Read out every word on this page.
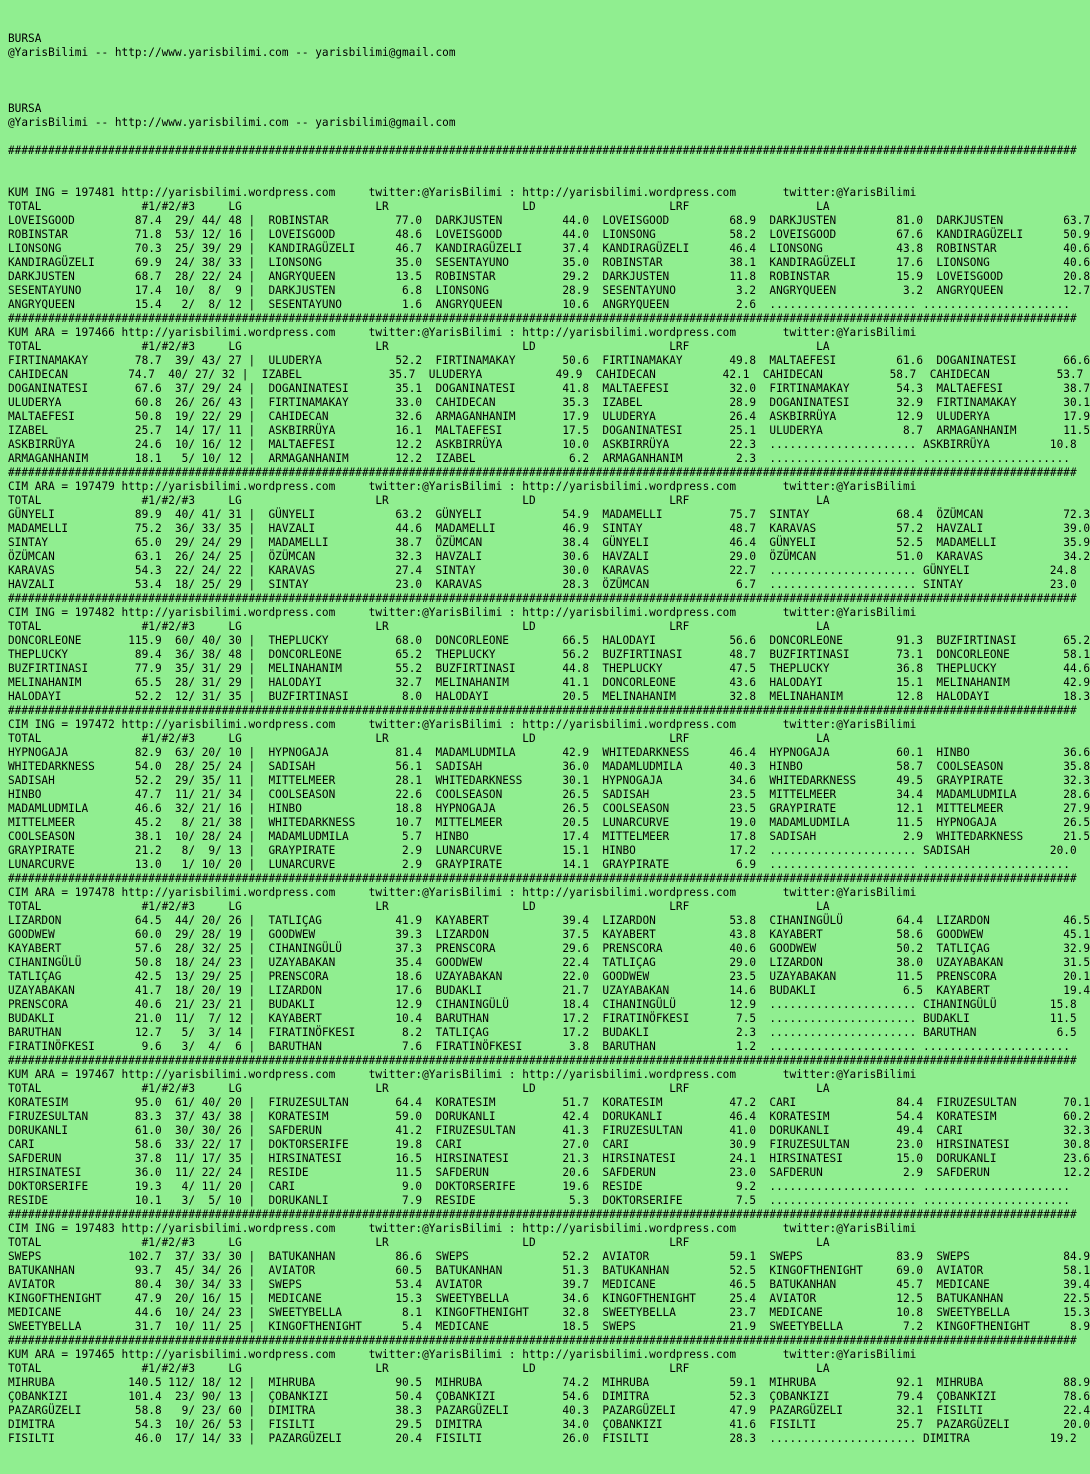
BURSA
@YarisBilimi -- http://www.yarisbilimi.com -- yarisbilimi@gmail.com
BURSA
@YarisBilimi -- http://www.yarisbilimi.com -- yarisbilimi@gmail.com
################################################################################################################################################################

KUM ING = 197481 http://yarisbilimi.wordpress.com     twitter:@YarisBilimi : http://yarisbilimi.wordpress.com       twitter:@YarisBilimi
TOTAL               #1/#2/#3     LG                    LR                    LD                    LRF                   LA
LOVEISGOOD         87.4  29/ 44/ 48 |  ROBINSTAR          77.0  DARKJUSTEN         44.0  LOVEISGOOD         68.9  DARKJUSTEN         81.0  DARKJUSTEN         63.7
ROBINSTAR          71.8  53/ 12/ 16 |  LOVEISGOOD         48.6  LOVEISGOOD         44.0  LIONSONG           58.2  LOVEISGOOD         67.6  KANDIRAGÜZELI      50.9
LIONSONG           70.3  25/ 39/ 29 |  KANDIRAGÜZELI      46.7  KANDIRAGÜZELI      37.4  KANDIRAGÜZELI      46.4  LIONSONG           43.8  ROBINSTAR          40.6
KANDIRAGÜZELI      69.9  24/ 38/ 33 |  LIONSONG           35.0  SESENTAYUNO        35.0  ROBINSTAR          38.1  KANDIRAGÜZELI      17.6  LIONSONG           40.6
DARKJUSTEN         68.7  28/ 22/ 24 |  ANGRYQUEEN         13.5  ROBINSTAR          29.2  DARKJUSTEN         11.8  ROBINSTAR          15.9  LOVEISGOOD         20.8
SESENTAYUNO        17.4  10/  8/  9 |  DARKJUSTEN          6.8  LIONSONG           28.9  SESENTAYUNO         3.2  ANGRYQUEEN          3.2  ANGRYQUEEN         12.7
ANGRYQUEEN         15.4   2/  8/ 12 |  SESENTAYUNO         1.6  ANGRYQUEEN         10.6  ANGRYQUEEN          2.6  ...................... ......................
################################################################################################################################################################
KUM ARA = 197466 http://yarisbilimi.wordpress.com     twitter:@YarisBilimi : http://yarisbilimi.wordpress.com       twitter:@YarisBilimi
TOTAL               #1/#2/#3     LG                    LR                    LD                    LRF                   LA
FIRTINAMAKAY       78.7  39/ 43/ 27 |  ULUDERYA           52.2  FIRTINAMAKAY       50.6  FIRTINAMAKAY       49.8  MALTAEFESI         61.6  DOGANINATESI       66.6
CAHIDECAN         74.7  40/ 27/ 32 |  IZABEL             35.7  ULUDERYA           49.9  CAHIDECAN          42.1  CAHIDECAN          58.7  CAHIDECAN          53.7
DOGANINATESI       67.6  37/ 29/ 24 |  DOGANINATESI       35.1  DOGANINATESI       41.8  MALTAEFESI         32.0  FIRTINAMAKAY       54.3  MALTAEFESI         38.7
ULUDERYA           60.8  26/ 26/ 43 |  FIRTINAMAKAY       33.0  CAHIDECAN          35.3  IZABEL             28.9  DOGANINATESI       32.9  FIRTINAMAKAY       30.1
MALTAEFESI         50.8  19/ 22/ 29 |  CAHIDECAN          32.6  ARMAGANHANIM       17.9  ULUDERYA           26.4  ASKBIRRÜYA         12.9  ULUDERYA           17.9
IZABEL             25.7  14/ 17/ 11 |  ASKBIRRÜYA         16.1  MALTAEFESI         17.5  DOGANINATESI       25.1  ULUDERYA            8.7  ARMAGANHANIM       11.5
ASKBIRRÜYA         24.6  10/ 16/ 12 |  MALTAEFESI         12.2  ASKBIRRÜYA         10.0  ASKBIRRÜYA         22.3  ...................... ASKBIRRÜYA         10.8
ARMAGANHANIM       18.1   5/ 10/ 12 |  ARMAGANHANIM       12.2  IZABEL              6.2  ARMAGANHANIM        2.3  ...................... ......................
################################################################################################################################################################
CIM ARA = 197479 http://yarisbilimi.wordpress.com     twitter:@YarisBilimi : http://yarisbilimi.wordpress.com       twitter:@YarisBilimi
TOTAL               #1/#2/#3     LG                    LR                    LD                    LRF                   LA
GÜNYELI            89.9  40/ 41/ 31 |  GÜNYELI            63.2  GÜNYELI            54.9  MADAMELLI          75.7  SINTAY             68.4  ÖZÜMCAN            72.3
MADAMELLI          75.2  36/ 33/ 35 |  HAVZALI            44.6  MADAMELLI          46.9  SINTAY             48.7  KARAVAS            57.2  HAVZALI            39.0
SINTAY             65.0  29/ 24/ 29 |  MADAMELLI          38.7  ÖZÜMCAN            38.4  GÜNYELI            46.4  GÜNYELI            52.5  MADAMELLI          35.9
ÖZÜMCAN            63.1  26/ 24/ 25 |  ÖZÜMCAN            32.3  HAVZALI            30.6  HAVZALI            29.0  ÖZÜMCAN            51.0  KARAVAS            34.2
KARAVAS            54.3  22/ 24/ 22 |  KARAVAS            27.4  SINTAY             30.0  KARAVAS            22.7  ...................... GÜNYELI            24.8
HAVZALI            53.4  18/ 25/ 29 |  SINTAY             23.0  KARAVAS            28.3  ÖZÜMCAN             6.7  ...................... SINTAY             23.0
################################################################################################################################################################
CIM ING = 197482 http://yarisbilimi.wordpress.com     twitter:@YarisBilimi : http://yarisbilimi.wordpress.com       twitter:@YarisBilimi
TOTAL               #1/#2/#3     LG                    LR                    LD                    LRF                   LA
DONCORLEONE       115.9  60/ 40/ 30 |  THEPLUCKY          68.0  DONCORLEONE        66.5  HALODAYI           56.6  DONCORLEONE        91.3  BUZFIRTINASI       65.2
THEPLUCKY          89.4  36/ 38/ 48 |  DONCORLEONE        65.2  THEPLUCKY          56.2  BUZFIRTINASI       48.7  BUZFIRTINASI       73.1  DONCORLEONE        58.1
BUZFIRTINASI       77.9  35/ 31/ 29 |  MELINAHANIM        55.2  BUZFIRTINASI       44.8  THEPLUCKY          47.5  THEPLUCKY          36.8  THEPLUCKY          44.6
MELINAHANIM        65.5  28/ 31/ 29 |  HALODAYI           32.7  MELINAHANIM        41.1  DONCORLEONE        43.6  HALODAYI           15.1  MELINAHANIM        42.9
HALODAYI           52.2  12/ 31/ 35 |  BUZFIRTINASI        8.0  HALODAYI           20.5  MELINAHANIM        32.8  MELINAHANIM        12.8  HALODAYI           18.3
################################################################################################################################################################
CIM ING = 197472 http://yarisbilimi.wordpress.com     twitter:@YarisBilimi : http://yarisbilimi.wordpress.com       twitter:@YarisBilimi
TOTAL               #1/#2/#3     LG                    LR                    LD                    LRF                   LA
HYPNOGAJA          82.9  63/ 20/ 10 |  HYPNOGAJA          81.4  MADAMLUDMILA       42.9  WHITEDARKNESS      46.4  HYPNOGAJA          60.1  HINBO              36.6
WHITEDARKNESS      54.0  28/ 25/ 24 |  SADISAH            56.1  SADISAH            36.0  MADAMLUDMILA       40.3  HINBO              58.7  COOLSEASON         35.8
SADISAH            52.2  29/ 35/ 11 |  MITTELMEER         28.1  WHITEDARKNESS      30.1  HYPNOGAJA          34.6  WHITEDARKNESS      49.5  GRAYPIRATE         32.3
HINBO              47.7  11/ 21/ 34 |  COOLSEASON         22.6  COOLSEASON         26.5  SADISAH            23.5  MITTELMEER         34.4  MADAMLUDMILA       28.6
MADAMLUDMILA       46.6  32/ 21/ 16 |  HINBO              18.8  HYPNOGAJA          26.5  COOLSEASON         23.5  GRAYPIRATE         12.1  MITTELMEER         27.9
MITTELMEER         45.2   8/ 21/ 38 |  WHITEDARKNESS      10.7  MITTELMEER         20.5  LUNARCURVE         19.0  MADAMLUDMILA       11.5  HYPNOGAJA          26.5
COOLSEASON         38.1  10/ 28/ 24 |  MADAMLUDMILA        5.7  HINBO              17.4  MITTELMEER         17.8  SADISAH             2.9  WHITEDARKNESS      21.5
GRAYPIRATE         21.2   8/  9/ 13 |  GRAYPIRATE          2.9  LUNARCURVE         15.1  HINBO              17.2  ...................... SADISAH            20.0
LUNARCURVE         13.0   1/ 10/ 20 |  LUNARCURVE          2.9  GRAYPIRATE         14.1  GRAYPIRATE          6.9  ...................... ......................
################################################################################################################################################################
CIM ARA = 197478 http://yarisbilimi.wordpress.com     twitter:@YarisBilimi : http://yarisbilimi.wordpress.com       twitter:@YarisBilimi
TOTAL               #1/#2/#3     LG                    LR                    LD                    LRF                   LA
LIZARDON           64.5  44/ 20/ 26 |  TATLIÇAG           41.9  KAYABERT           39.4  LIZARDON           53.8  CIHANINGÜLÜ        64.4  LIZARDON           46.5
GOODWEW            60.0  29/ 28/ 19 |  GOODWEW            39.3  LIZARDON           37.5  KAYABERT           43.8  KAYABERT           58.6  GOODWEW            45.1
KAYABERT           57.6  28/ 32/ 25 |  CIHANINGÜLÜ        37.3  PRENSCORA          29.6  PRENSCORA          40.6  GOODWEW            50.2  TATLIÇAG           32.9
CIHANINGÜLÜ        50.8  18/ 24/ 23 |  UZAYABAKAN         35.4  GOODWEW            22.4  TATLIÇAG           29.0  LIZARDON           38.0  UZAYABAKAN         31.5
TATLIÇAG           42.5  13/ 29/ 25 |  PRENSCORA          18.6  UZAYABAKAN         22.0  GOODWEW            23.5  UZAYABAKAN         11.5  PRENSCORA          20.1
UZAYABAKAN         41.7  18/ 20/ 19 |  LIZARDON           17.6  BUDAKLI            21.7  UZAYABAKAN         14.6  BUDAKLI             6.5  KAYABERT           19.4
PRENSCORA          40.6  21/ 23/ 21 |  BUDAKLI            12.9  CIHANINGÜLÜ        18.4  CIHANINGÜLÜ        12.9  ...................... CIHANINGÜLÜ        15.8
BUDAKLI            21.0  11/  7/ 12 |  KAYABERT           10.4  BARUTHAN           17.2  FIRATINÖFKESI       7.5  ...................... BUDAKLI            11.5
BARUTHAN           12.7   5/  3/ 14 |  FIRATINÖFKESI       8.2  TATLIÇAG           17.2  BUDAKLI             2.3  ...................... BARUTHAN            6.5
FIRATINÖFKESI       9.6   3/  4/  6 |  BARUTHAN            7.6  FIRATINÖFKESI       3.8  BARUTHAN            1.2  ...................... ......................
################################################################################################################################################################
KUM ARA = 197467 http://yarisbilimi.wordpress.com     twitter:@YarisBilimi : http://yarisbilimi.wordpress.com       twitter:@YarisBilimi
TOTAL               #1/#2/#3     LG                    LR                    LD                    LRF                   LA
KORATESIM          95.0  61/ 40/ 20 |  FIRUZESULTAN       64.4  KORATESIM          51.7  KORATESIM          47.2  CARI               84.4  FIRUZESULTAN       70.1
FIRUZESULTAN       83.3  37/ 43/ 38 |  KORATESIM          59.0  DORUKANLI          42.4  DORUKANLI          46.4  KORATESIM          54.4  KORATESIM          60.2
DORUKANLI          61.0  30/ 30/ 26 |  SAFDERUN           41.2  FIRUZESULTAN       41.3  FIRUZESULTAN       41.0  DORUKANLI          49.4  CARI               32.3
CARI               58.6  33/ 22/ 17 |  DOKTORSERIFE       19.8  CARI               27.0  CARI               30.9  FIRUZESULTAN       23.0  HIRSINATESI        30.8
SAFDERUN           37.8  11/ 17/ 35 |  HIRSINATESI        16.5  HIRSINATESI        21.3  HIRSINATESI        24.1  HIRSINATESI        15.0  DORUKANLI          23.6
HIRSINATESI        36.0  11/ 22/ 24 |  RESIDE             11.5  SAFDERUN           20.6  SAFDERUN           23.0  SAFDERUN            2.9  SAFDERUN           12.2
DOKTORSERIFE       19.3   4/ 11/ 20 |  CARI                9.0  DOKTORSERIFE       19.6  RESIDE              9.2  ...................... ......................
RESIDE             10.1   3/  5/ 10 |  DORUKANLI           7.9  RESIDE              5.3  DOKTORSERIFE        7.5  ...................... ......................
################################################################################################################################################################
CIM ING = 197483 http://yarisbilimi.wordpress.com     twitter:@YarisBilimi : http://yarisbilimi.wordpress.com       twitter:@YarisBilimi
TOTAL               #1/#2/#3     LG                    LR                    LD                    LRF                   LA
SWEPS             102.7  37/ 33/ 30 |  BATUKANHAN         86.6  SWEPS              52.2  AVIATOR            59.1  SWEPS              83.9  SWEPS              84.9
BATUKANHAN         93.7  45/ 34/ 26 |  AVIATOR            60.5  BATUKANHAN         51.3  BATUKANHAN         52.5  KINGOFTHENIGHT     69.0  AVIATOR            58.1
AVIATOR            80.4  30/ 34/ 33 |  SWEPS              53.4  AVIATOR            39.7  MEDICANE           46.5  BATUKANHAN         45.7  MEDICANE           39.4
KINGOFTHENIGHT     47.9  20/ 16/ 15 |  MEDICANE           15.3  SWEETYBELLA        34.6  KINGOFTHENIGHT     25.4  AVIATOR            12.5  BATUKANHAN         22.5
MEDICANE           44.6  10/ 24/ 23 |  SWEETYBELLA         8.1  KINGOFTHENIGHT     32.8  SWEETYBELLA        23.7  MEDICANE           10.8  SWEETYBELLA        15.3
SWEETYBELLA        31.7  10/ 11/ 25 |  KINGOFTHENIGHT      5.4  MEDICANE           18.5  SWEPS              21.9  SWEETYBELLA         7.2  KINGOFTHENIGHT      8.9
################################################################################################################################################################
KUM ARA = 197465 http://yarisbilimi.wordpress.com     twitter:@YarisBilimi : http://yarisbilimi.wordpress.com       twitter:@YarisBilimi
TOTAL               #1/#2/#3     LG                    LR                    LD                    LRF                   LA
MIHRUBA           140.5 112/ 18/ 12 |  MIHRUBA            90.5  MIHRUBA            74.2  MIHRUBA            59.1  MIHRUBA            92.1  MIHRUBA            88.9
ÇOBANKIZI         101.4  23/ 90/ 13 |  ÇOBANKIZI          50.4  ÇOBANKIZI          54.6  DIMITRA            52.3  ÇOBANKIZI          79.4  ÇOBANKIZI          78.6
PAZARGÜZELI        58.8   9/ 23/ 60 |  DIMITRA            38.3  PAZARGÜZELI        40.3  PAZARGÜZELI        47.9  PAZARGÜZELI        32.1  FISILTI            22.4
DIMITRA            54.3  10/ 26/ 53 |  FISILTI            29.5  DIMITRA            34.0  ÇOBANKIZI          41.6  FISILTI            25.7  PAZARGÜZELI        20.0
FISILTI            46.0  17/ 14/ 33 |  PAZARGÜZELI        20.4  FISILTI            26.0  FISILTI            28.3  ...................... DIMITRA            19.2
